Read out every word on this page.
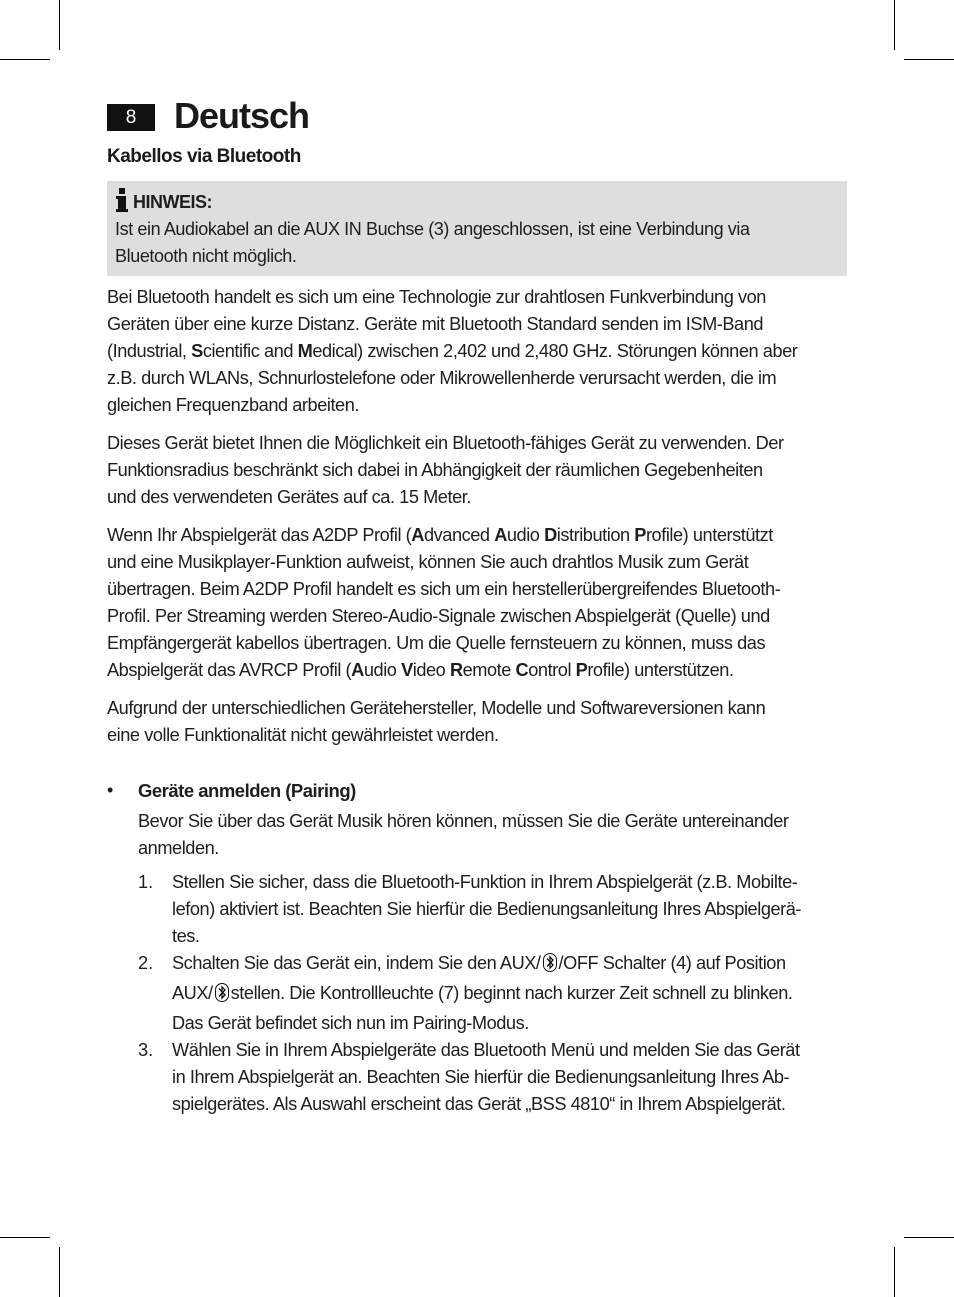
8	Deutsch
Kabellos via Bluetooth
HINWEIS:
Ist ein Audiokabel an die AUX IN Buchse (3) angeschlossen, ist eine Verbindung via
Bluetooth nicht möglich.

Bei Bluetooth handelt es sich um eine Technologie zur drahtlosen Funkverbindung von
Geräten über eine kurze Distanz. Geräte mit Bluetooth Standard senden im ISM-Band
(Industrial, Scientific and Medical) zwischen 2,402 und 2,480 GHz. Störungen können aber
z.B. durch WLANs, Schnurlostelefone oder Mikrowellenherde verursacht werden, die im
gleichen Frequenzband arbeiten.

Dieses Gerät bietet Ihnen die Möglichkeit ein Bluetooth-fähiges Gerät zu verwenden. Der
Funktionsradius beschränkt sich dabei in Abhängigkeit der räumlichen Gegebenheiten
und des verwendeten Gerätes auf ca. 15 Meter.

Wenn Ihr Abspielgerät das A2DP Profil (Advanced Audio Distribution Profile) unterstützt
und eine Musikplayer-Funktion aufweist, können Sie auch drahtlos Musik zum Gerät
übertragen. Beim A2DP Profil handelt es sich um ein herstellerübergreifendes Bluetooth-
Profil. Per Streaming werden Stereo-Audio-Signale zwischen Abspielgerät (Quelle) und
Empfängergerät kabellos übertragen. Um die Quelle fernsteuern zu können, muss das
Abspielgerät das AVRCP Profil (Audio Video Remote Control Profile) unterstützen.

Aufgrund der unterschiedlichen Gerätehersteller, Modelle und Softwareversionen kann
eine volle Funktionalität nicht gewährleistet werden.

• Geräte anmelden (Pairing)
Bevor Sie über das Gerät Musik hören können, müssen Sie die Geräte untereinander
anmelden.
1. Stellen Sie sicher, dass die Bluetooth-Funktion in Ihrem Abspielgerät (z.B. Mobilte-
lefon) aktiviert ist. Beachten Sie hierfür die Bedienungsanleitung Ihres Abspielgerä-
tes.
2. Schalten Sie das Gerät ein, indem Sie den AUX/ /OFF Schalter (4) auf Position
AUX/ stellen. Die Kontrollleuchte (7) beginnt nach kurzer Zeit schnell zu blinken.
Das Gerät befindet sich nun im Pairing-Modus.
3. Wählen Sie in Ihrem Abspielgeräte das Bluetooth Menü und melden Sie das Gerät
in Ihrem Abspielgerät an. Beachten Sie hierfür die Bedienungsanleitung Ihres Ab-
spielgerätes. Als Auswahl erscheint das Gerät „BSS 4810“ in Ihrem Abspielgerät.
